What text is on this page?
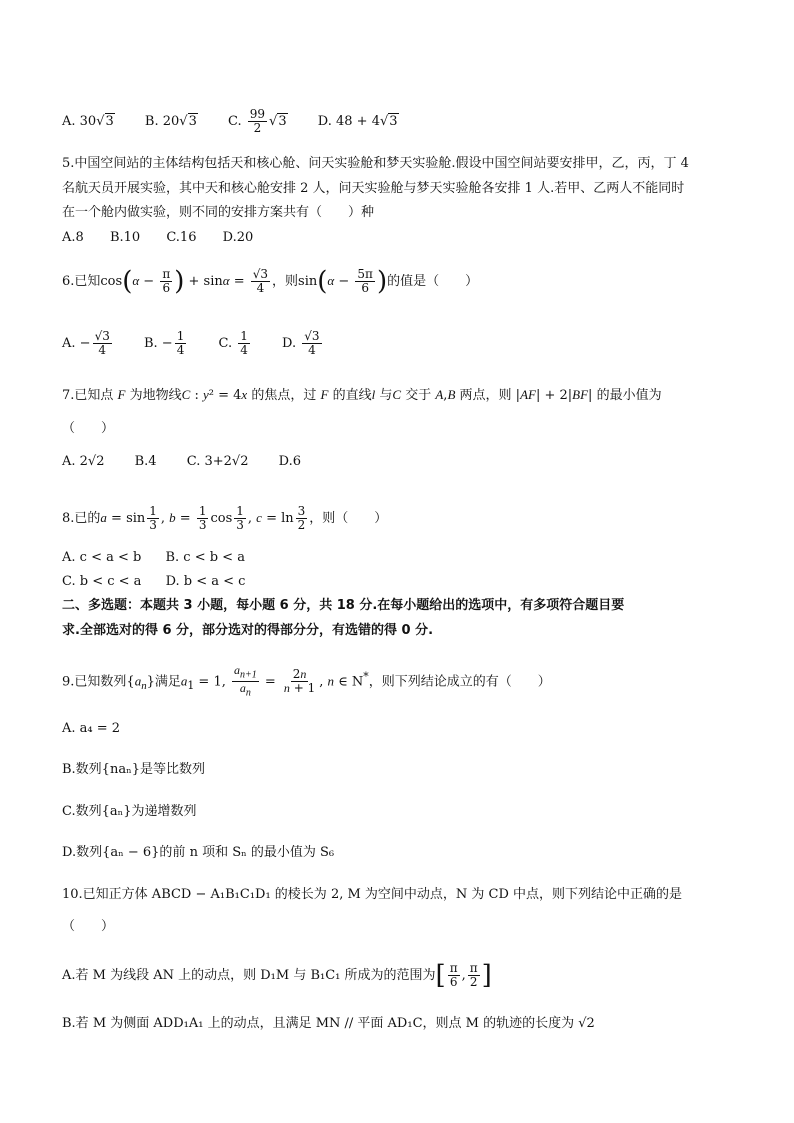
A. 30√3 B. 20√3 C. $\frac{99}{2} √3$ D. 48 + 4√3
5.中国空间站的主体结构包括天和核心舱、问天实验舱和梦天实验舱.假设中国空间站要安排甲，乙，丙，丁 4
名航天员开展实验，其中天和核心舱安排 2 人，问天实验舱与梦天实验舱各安排 1 人.若甲、乙两人不能同时
在一个舱内做实验，则不同的安排方案共有（　　）种
A.8 B.10 C.16 D.20
6.已知$\cos(\alpha - \frac{\pi}{6}$ ) + $\sin\alpha = \frac{√3}{4}$ ，则$\sin(\alpha - \frac{5\pi}{6}$ )的值是（　　）
A. − $\frac{√3}{4} B$. − $\frac{1}{4} C$. $\frac{1}{4} D$. $\frac{√3}{4}$
7.已知点 F 为地物线C : y² = 4x 的焦点，过 F 的直线l 与C 交于 A,B 两点，则 |AF| + 2|BF| 的最小值为
（　　）
A. 2√2 B.4 C. 3+2√2 D.6
8.已的$a = \sin \frac{1}{3}$ , $b = \frac{1}{3}$ $\cos \frac{1}{3}$ , $c = \ln \frac{3}{2}$ ，则（　　）
A. c < a < b B. c < b < a
C. b < c < a D. b < a < c
二、多选题：本题共 3 小题，每小题 6 分，共 18 分.在每小题给出的选项中，有多项符合题目要
求.全部选对的得 6 分，部分选对的得部分分，有选错的得 0 分.
9.已知数列$\{a_n\}$满足$a_1 = 1$, $\frac{a_{n+1}}{a_n} = \frac{2n}{n + 1}$ , n ∈ N*，则下列结论成立的有（　　）
A. a₄ = 2
B.数列{naₙ}是等比数列
C.数列{aₙ}为递增数列
D.数列{aₙ − 6}的前 n 项和 Sₙ 的最小值为 S₆
10.已知正方体 ABCD − A₁B₁C₁D₁ 的棱长为 2, M 为空间中动点，N 为 CD 中点，则下列结论中正确的是
（　　）
A.若 M 为线段 AN 上的动点，则 D₁M 与 B₁C₁ 所成为的范围为[ $\frac{\pi}{6}$ , $\frac{\pi}{2}$ ]
B.若 M 为侧面 ADD₁A₁ 上的动点，且满足 MN // 平面 AD₁C，则点 M 的轨迹的长度为 √2
